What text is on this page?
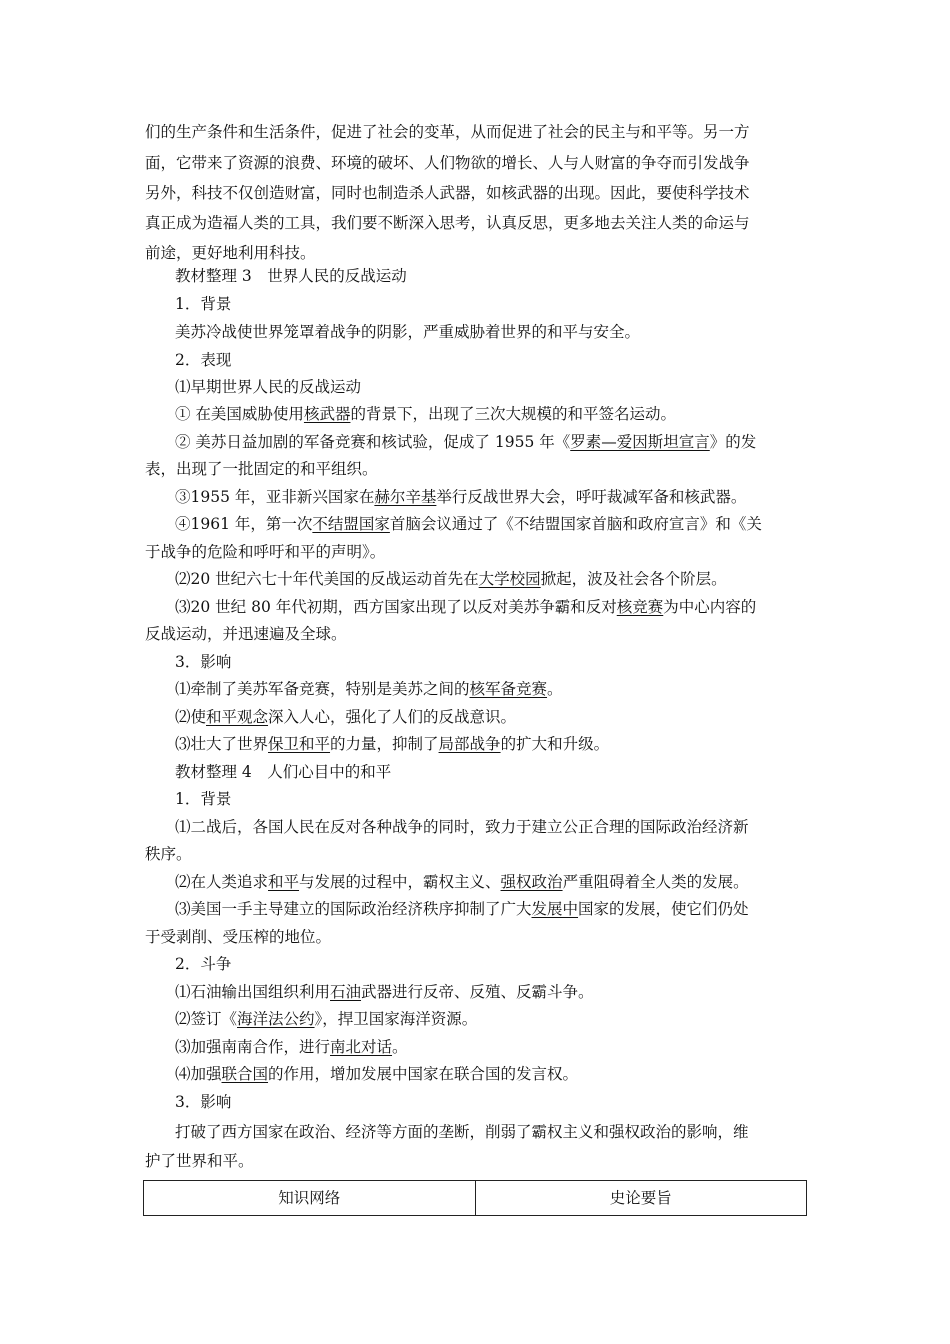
们的生产条件和生活条件，促进了社会的变革，从而促进了社会的民主与和平等。另一方
面，它带来了资源的浪费、环境的破坏、人们物欲的增长、人与人财富的争夺而引发战争
另外，科技不仅创造财富，同时也制造杀人武器，如核武器的出现。因此，要使科学技术
真正成为造福人类的工具，我们要不断深入思考，认真反思，更多地去关注人类的命运与
前途，更好地利用科技。
教材整理 3　世界人民的反战运动
1．背景
美苏冷战使世界笼罩着战争的阴影，严重威胁着世界的和平与安全。
2．表现
⑴早期世界人民的反战运动
① 在美国威胁使用核武器的背景下，出现了三次大规模的和平签名运动。
② 美苏日益加剧的军备竞赛和核试验，促成了 1955 年《罗素—爱因斯坦宣言》的发
表，出现了一批固定的和平组织。
③1955 年，亚非新兴国家在赫尔辛基举行反战世界大会，呼吁裁减军备和核武器。
④1961 年，第一次不结盟国家首脑会议通过了《不结盟国家首脑和政府宣言》和《关
于战争的危险和呼吁和平的声明》。
⑵20 世纪六七十年代美国的反战运动首先在大学校园掀起，波及社会各个阶层。
⑶20 世纪 80 年代初期，西方国家出现了以反对美苏争霸和反对核竞赛为中心内容的
反战运动，并迅速遍及全球。
3．影响
⑴牵制了美苏军备竞赛，特别是美苏之间的核军备竞赛。
⑵使和平观念深入人心，强化了人们的反战意识。
⑶壮大了世界保卫和平的力量，抑制了局部战争的扩大和升级。
教材整理 4　人们心目中的和平
1．背景
⑴二战后，各国人民在反对各种战争的同时，致力于建立公正合理的国际政治经济新
秩序。
⑵在人类追求和平与发展的过程中，霸权主义、强权政治严重阻碍着全人类的发展。
⑶美国一手主导建立的国际政治经济秩序抑制了广大发展中国家的发展，使它们仍处
于受剥削、受压榨的地位。
2．斗争
⑴石油输出国组织利用石油武器进行反帝、反殖、反霸斗争。
⑵签订《海洋法公约》，捍卫国家海洋资源。
⑶加强南南合作，进行南北对话。
⑷加强联合国的作用，增加发展中国家在联合国的发言权。
3．影响
打破了西方国家在政治、经济等方面的垄断，削弱了霸权主义和强权政治的影响，维
护了世界和平。
知识网络	史论要旨
